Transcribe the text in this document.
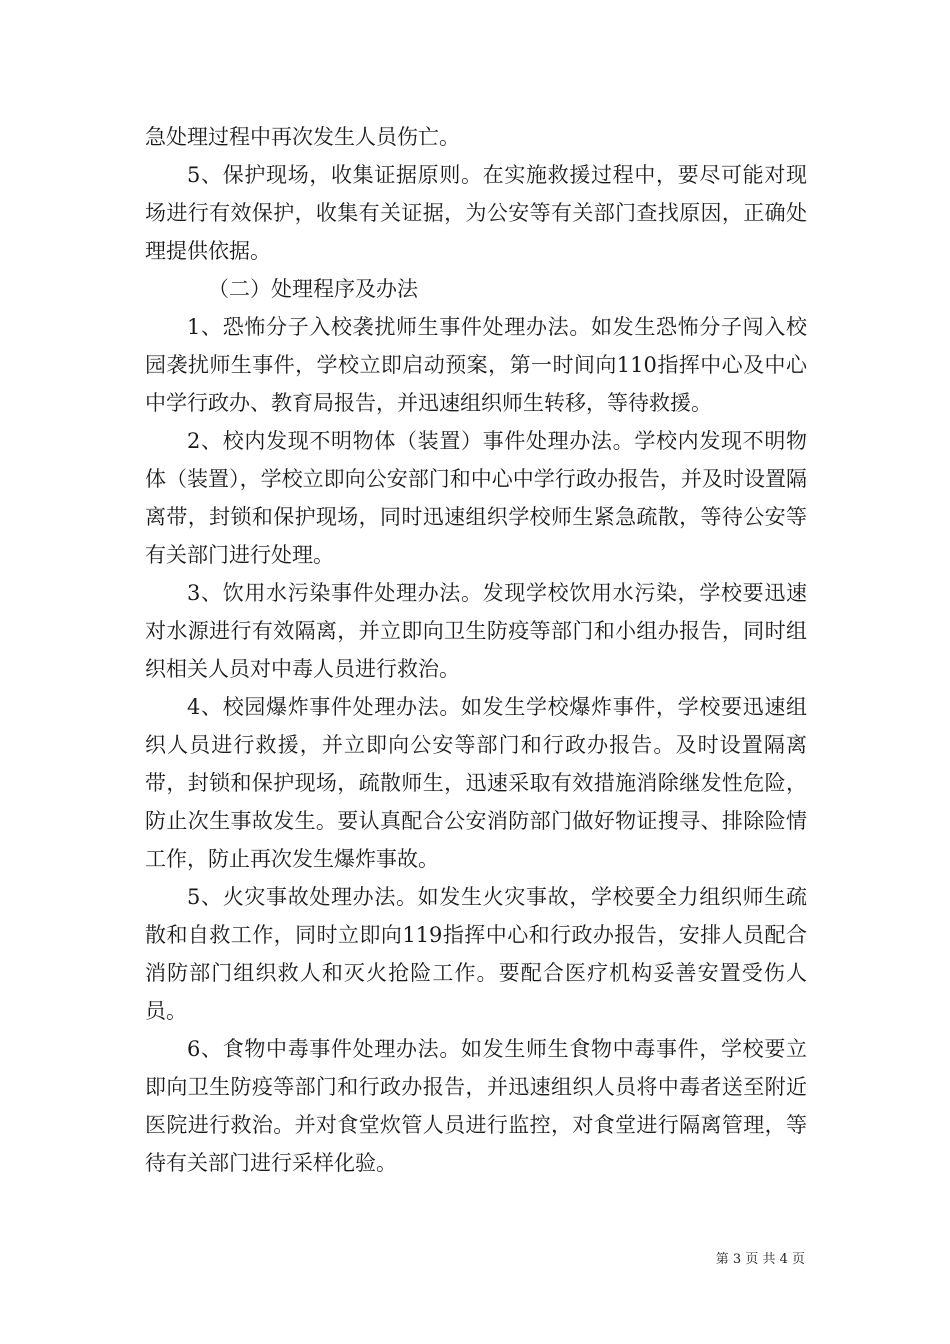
急处理过程中再次发生人员伤亡。

5、保护现场，收集证据原则。在实施救援过程中，要尽可能对现场进行有效保护，收集有关证据，为公安等有关部门查找原因，正确处理提供依据。

（二）处理程序及办法

1、恐怖分子入校袭扰师生事件处理办法。如发生恐怖分子闯入校园袭扰师生事件，学校立即启动预案，第一时间向110指挥中心及中心中学行政办、教育局报告，并迅速组织师生转移，等待救援。

2、校内发现不明物体（装置）事件处理办法。学校内发现不明物体（装置），学校立即向公安部门和中心中学行政办报告，并及时设置隔离带，封锁和保护现场，同时迅速组织学校师生紧急疏散，等待公安等有关部门进行处理。

3、饮用水污染事件处理办法。发现学校饮用水污染，学校要迅速对水源进行有效隔离，并立即向卫生防疫等部门和小组办报告，同时组织相关人员对中毒人员进行救治。

4、校园爆炸事件处理办法。如发生学校爆炸事件，学校要迅速组织人员进行救援，并立即向公安等部门和行政办报告。及时设置隔离带，封锁和保护现场，疏散师生，迅速采取有效措施消除继发性危险，防止次生事故发生。要认真配合公安消防部门做好物证搜寻、排除险情工作，防止再次发生爆炸事故。

5、火灾事故处理办法。如发生火灾事故，学校要全力组织师生疏散和自救工作，同时立即向119指挥中心和行政办报告，安排人员配合消防部门组织救人和灭火抢险工作。要配合医疗机构妥善安置受伤人员。

6、食物中毒事件处理办法。如发生师生食物中毒事件，学校要立即向卫生防疫等部门和行政办报告，并迅速组织人员将中毒者送至附近医院进行救治。并对食堂炊管人员进行监控，对食堂进行隔离管理，等待有关部门进行采样化验。

第 3 页 共 4 页
